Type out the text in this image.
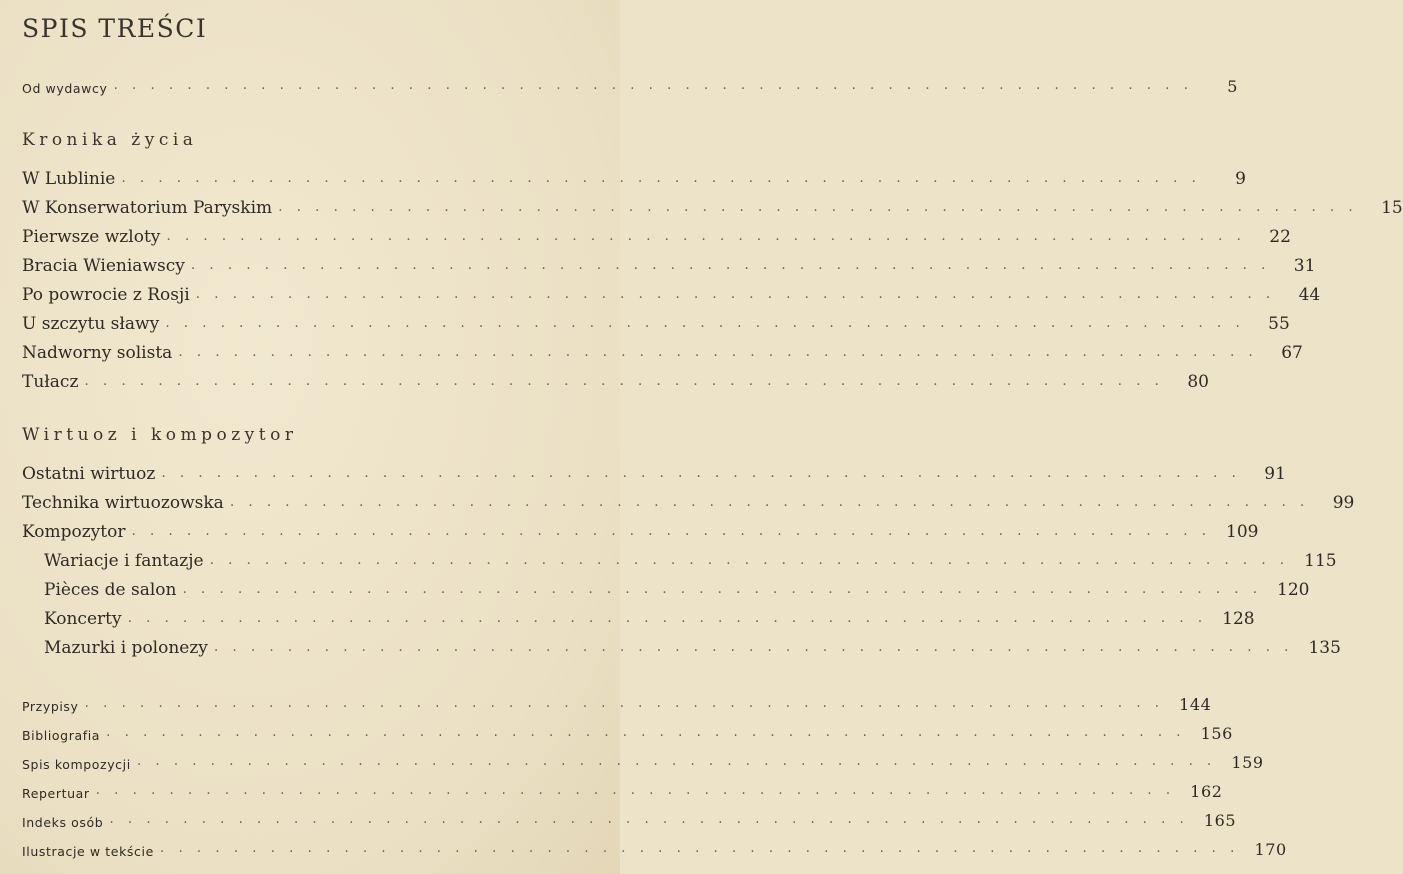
SPIS TREŚCI
Od wydawcy ...........................................................	5
Kronika życia
W Lublinie ...........................................................	9
W Konserwatorium Paryskim ........................................................... 15
Pierwsze wzloty ........................................................... 22
Bracia Wieniawscy ........................................................... 31
Po powrocie z Rosji ........................................................... 44
U szczytu sławy ........................................................... 55
Nadworny solista ........................................................... 67
Tułacz ........................................................... 80
Wirtuoz i kompozytor
Ostatni wirtuoz ........................................................... 91
Technika wirtuozowska ........................................................... 99
Kompozytor ........................................................... 109
Wariacje i fantazje ........................................................... 115
Pièces de salon ........................................................... 120
Koncerty ........................................................... 128
Mazurki i polonezy ........................................................... 135
Przypisy ........................................................... 144
Bibliografia ........................................................... 156
Spis kompozycji ........................................................... 159
Repertuar ........................................................... 162
Indeks osób ........................................................... 165
Ilustracje w tekście ........................................................... 170
